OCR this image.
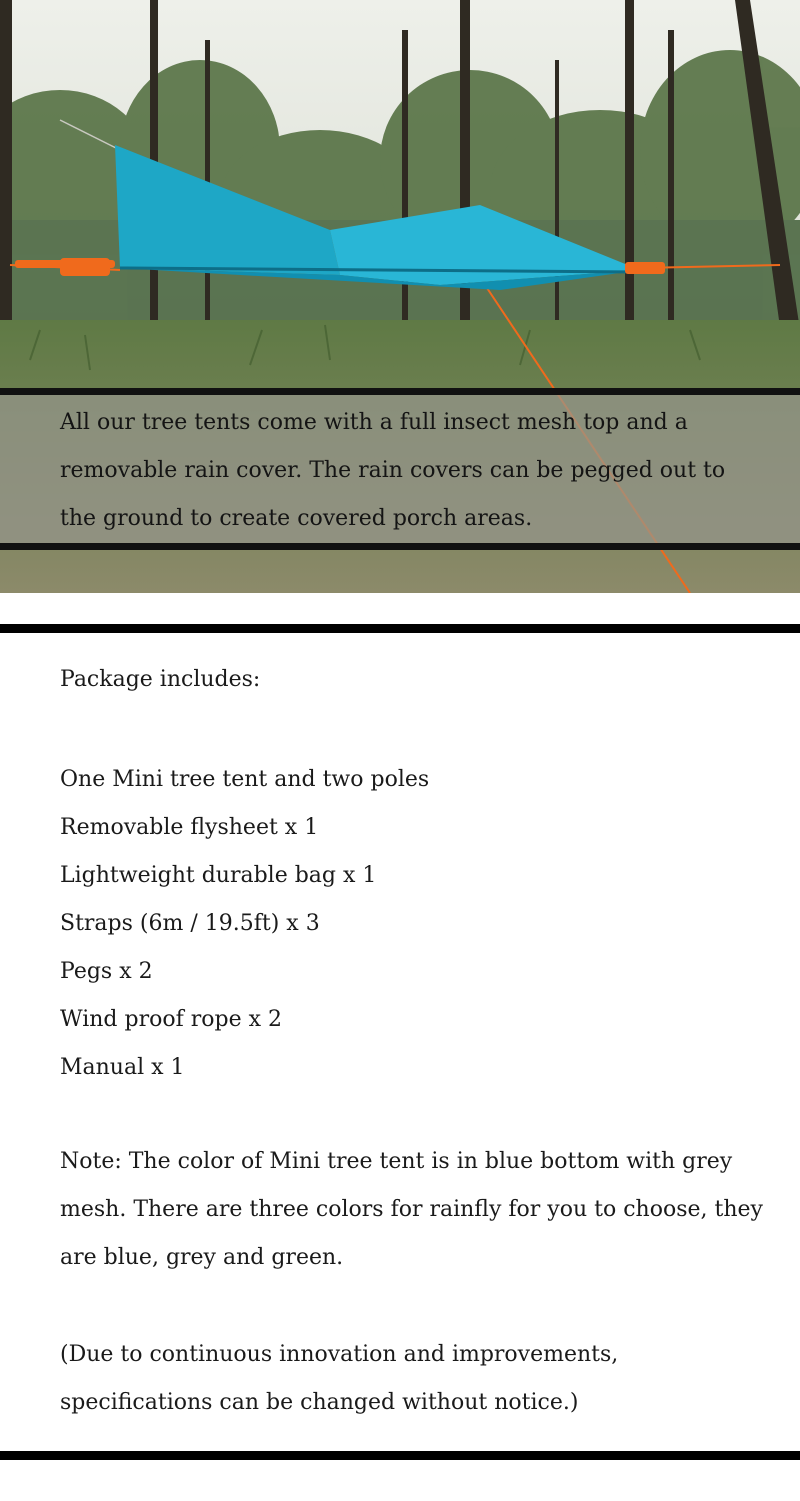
All our tree tents come with a full insect mesh top and a removable rain cover. The rain covers can be pegged out to the ground to create covered porch areas.
Package includes:
One Mini tree tent and two poles
Removable flysheet x 1
Lightweight durable bag x 1
Straps (6m / 19.5ft) x 3
Pegs x 2
Wind proof rope x 2
Manual x 1
Note: The color of Mini tree tent is in blue bottom with grey mesh. There are three colors for rainfly for you to choose, they are blue, grey and green.
(Due to continuous innovation and improvements, specifications can be changed without notice.)
